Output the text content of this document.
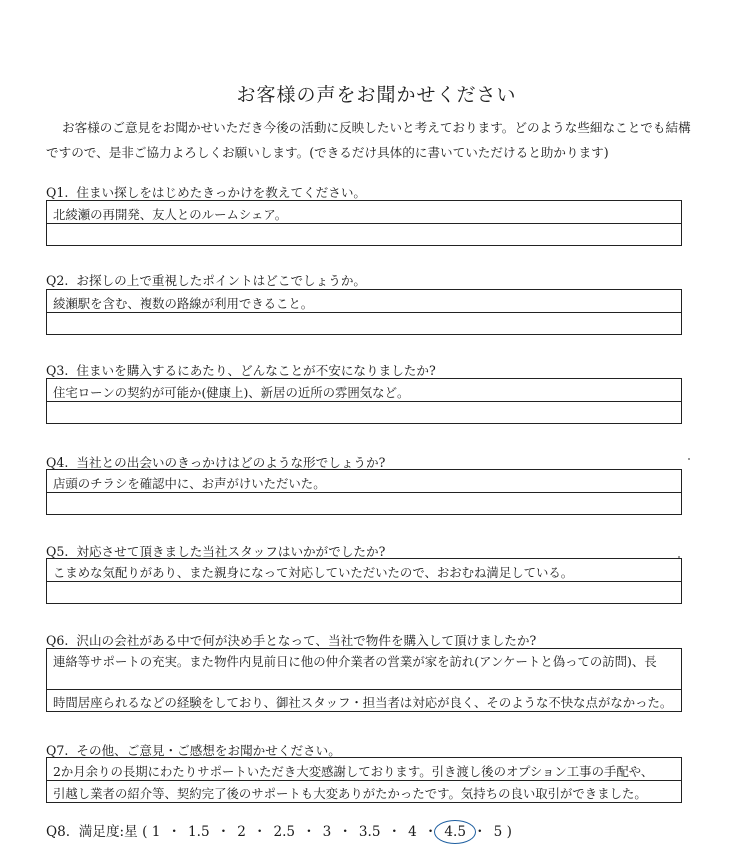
お客様の声をお聞かせください
お客様のご意見をお聞かせいただき今後の活動に反映したいと考えております。どのような些細なことでも結構ですので、是非ご協力よろしくお願いします。(できるだけ具体的に書いていただけると助かります)
Q1. 住まい探しをはじめたきっかけを教えてください。
北綾瀬の再開発、友人とのルームシェア。
Q2. お探しの上で重視したポイントはどこでしょうか。
綾瀬駅を含む、複数の路線が利用できること。
Q3. 住まいを購入するにあたり、どんなことが不安になりましたか?
住宅ローンの契約が可能か(健康上)、新居の近所の雰囲気など。
Q4. 当社との出会いのきっかけはどのような形でしょうか?
店頭のチラシを確認中に、お声がけいただいた。
Q5. 対応させて頂きました当社スタッフはいかがでしたか?
こまめな気配りがあり、また親身になって対応していただいたので、おおむね満足している。
Q6. 沢山の会社がある中で何が決め手となって、当社で物件を購入して頂けましたか?
連絡等サポートの充実。また物件内見前日に他の仲介業者の営業が家を訪れ(アンケートと偽っての訪問)、長
時間居座られるなどの経験をしており、御社スタッフ・担当者は対応が良く、そのような不快な点がなかった。
Q7. その他、ご意見・ご感想をお聞かせください。
2か月余りの長期にわたりサポートいただき大変感謝しております。引き渡し後のオプション工事の手配や、
引越し業者の紹介等、契約完了後のサポートも大変ありがたかったです。気持ちの良い取引ができました。
Q8. 満足度:星 ( 1 ・ 1.5 ・ 2 ・ 2.5 ・ 3 ・ 3.5 ・ 4 ・ 4.5 ・ 5 )
